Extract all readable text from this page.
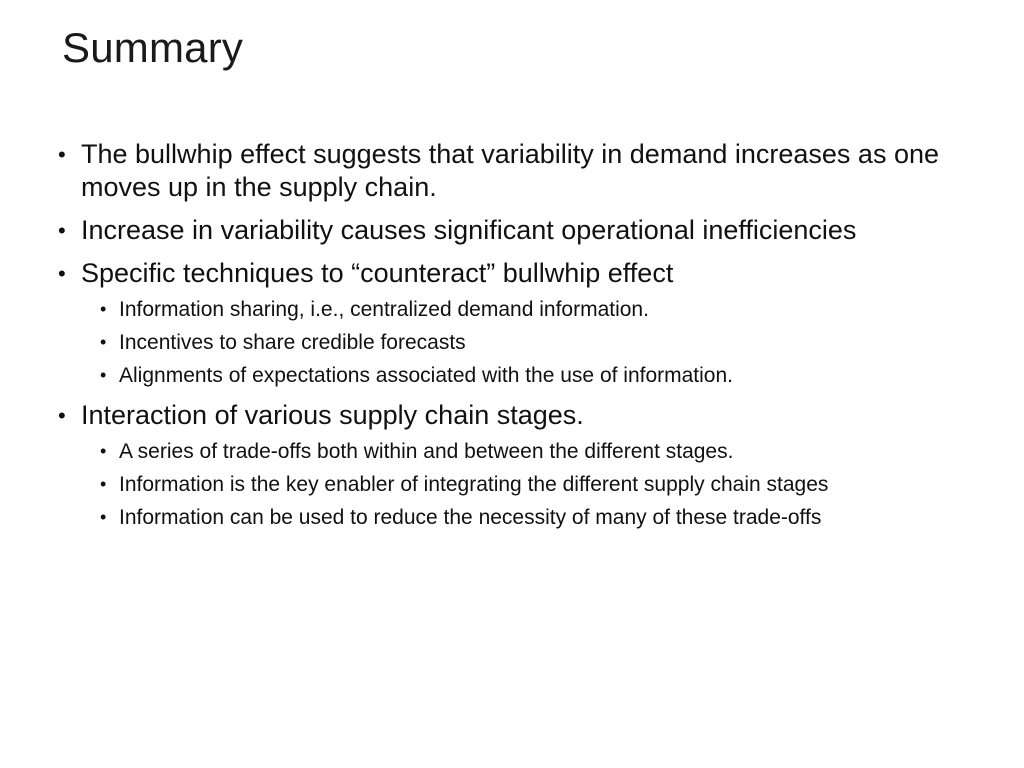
Summary
• The bullwhip effect suggests that variability in demand increases as one moves up in the supply chain.
• Increase in variability causes significant operational inefficiencies
• Specific techniques to “counteract” bullwhip effect
• Information sharing, i.e., centralized demand information.
• Incentives to share credible forecasts
• Alignments of expectations associated with the use of information.
• Interaction of various supply chain stages.
• A series of trade-offs both within and between the different stages.
• Information is the key enabler of integrating the different supply chain stages
• Information can be used to reduce the necessity of many of these trade-offs
